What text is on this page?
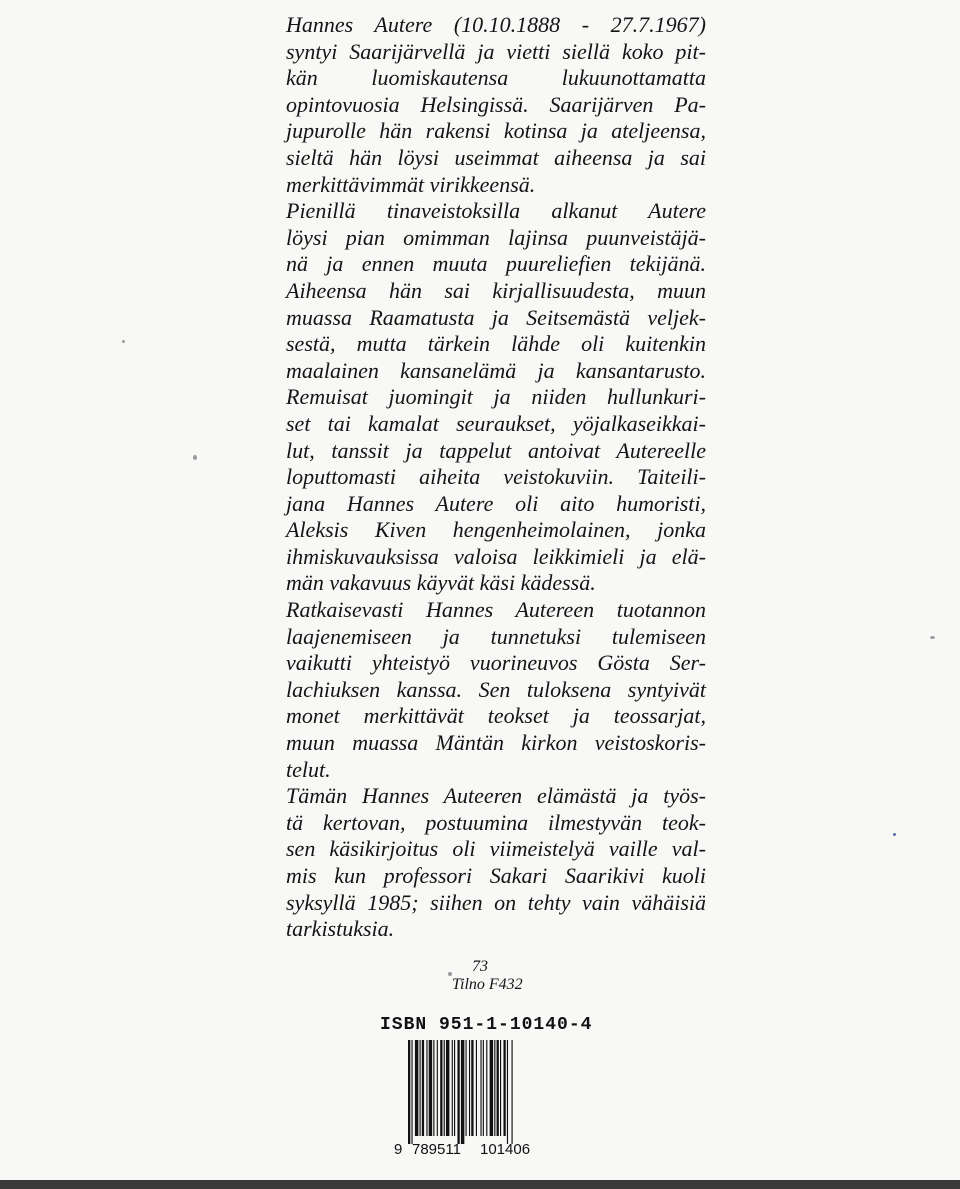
Hannes Autere (10.10.1888 - 27.7.1967)
syntyi Saarijärvellä ja vietti siellä koko pit-
kän luomiskautensa lukuunottamatta
opintovuosia Helsingissä. Saarijärven Pa-
jupurolle hän rakensi kotinsa ja ateljeensa,
sieltä hän löysi useimmat aiheensa ja sai
merkittävimmät virikkeensä.
Pienillä tinaveistoksilla alkanut Autere
löysi pian omimman lajinsa puunveistäjä-
nä ja ennen muuta puureliefien tekijänä.
Aiheensa hän sai kirjallisuudesta, muun
muassa Raamatusta ja Seitsemästä veljek-
sestä, mutta tärkein lähde oli kuitenkin
maalainen kansanelämä ja kansantarusto.
Remuisat juomingit ja niiden hullunkuri-
set tai kamalat seuraukset, yöjalkaseikkai-
lut, tanssit ja tappelut antoivat Autereelle
loputtomasti aiheita veistokuviin. Taiteili-
jana Hannes Autere oli aito humoristi,
Aleksis Kiven hengenheimolainen, jonka
ihmiskuvauksissa valoisa leikkimieli ja elä-
män vakavuus käyvät käsi kädessä.
Ratkaisevasti Hannes Autereen tuotannon
laajenemiseen ja tunnetuksi tulemiseen
vaikutti yhteistyö vuorineuvos Gösta Ser-
lachiuksen kanssa. Sen tuloksena syntyivät
monet merkittävät teokset ja teossarjat,
muun muassa Mäntän kirkon veistoskoris-
telut.
Tämän Hannes Auteeren elämästä ja työs-
tä kertovan, postuumina ilmestyvän teok-
sen käsikirjoitus oli viimeistelyä vaille val-
mis kun professori Sakari Saarikivi kuoli
syksyllä 1985; siihen on tehty vain vähäisiä
tarkistuksia.
73
Tilno F432
ISBN 951-1-10140-4
9 789511 101406
